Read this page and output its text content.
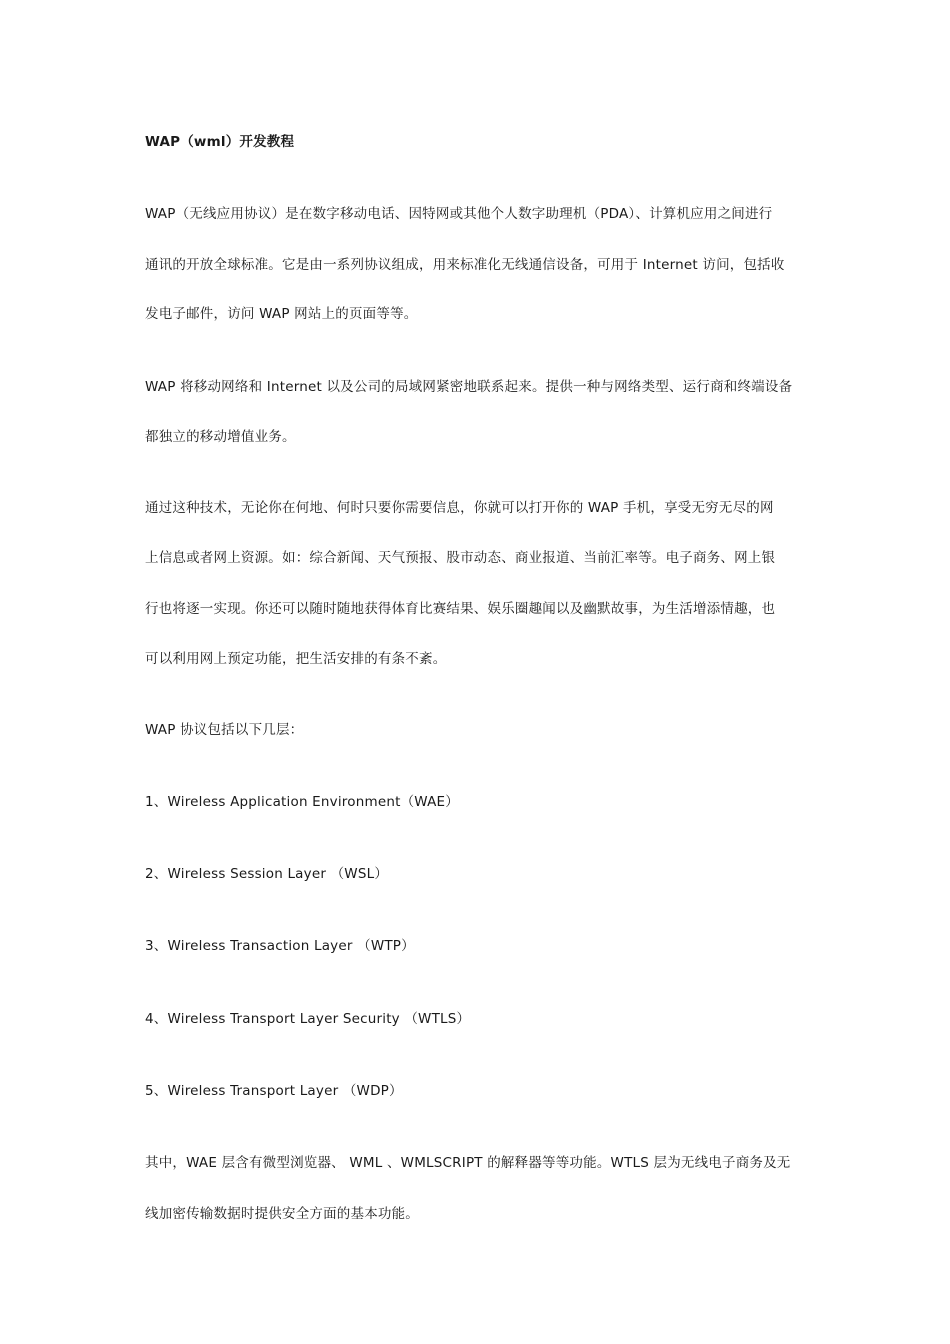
WAP（wml）开发教程
WAP（无线应用协议）是在数字移动电话、因特网或其他个人数字助理机（PDA）、计算机应用之间进行
通讯的开放全球标准。它是由一系列协议组成，用来标准化无线通信设备，可用于 Internet 访问，包括收
发电子邮件，访问 WAP 网站上的页面等等。
WAP 将移动网络和 Internet 以及公司的局域网紧密地联系起来。提供一种与网络类型、运行商和终端设备
都独立的移动增值业务。
通过这种技术，无论你在何地、何时只要你需要信息，你就可以打开你的 WAP 手机，享受无穷无尽的网
上信息或者网上资源。如：综合新闻、天气预报、股市动态、商业报道、当前汇率等。电子商务、网上银
行也将逐一实现。你还可以随时随地获得体育比赛结果、娱乐圈趣闻以及幽默故事，为生活增添情趣，也
可以利用网上预定功能，把生活安排的有条不紊。
WAP 协议包括以下几层：
1、Wireless Application Environment（WAE）
2、Wireless Session Layer （WSL）
3、Wireless Transaction Layer （WTP）
4、Wireless Transport Layer Security （WTLS）
5、Wireless Transport Layer （WDP）
其中，WAE 层含有微型浏览器、 WML 、WMLSCRIPT 的解释器等等功能。WTLS 层为无线电子商务及无
线加密传输数据时提供安全方面的基本功能。
